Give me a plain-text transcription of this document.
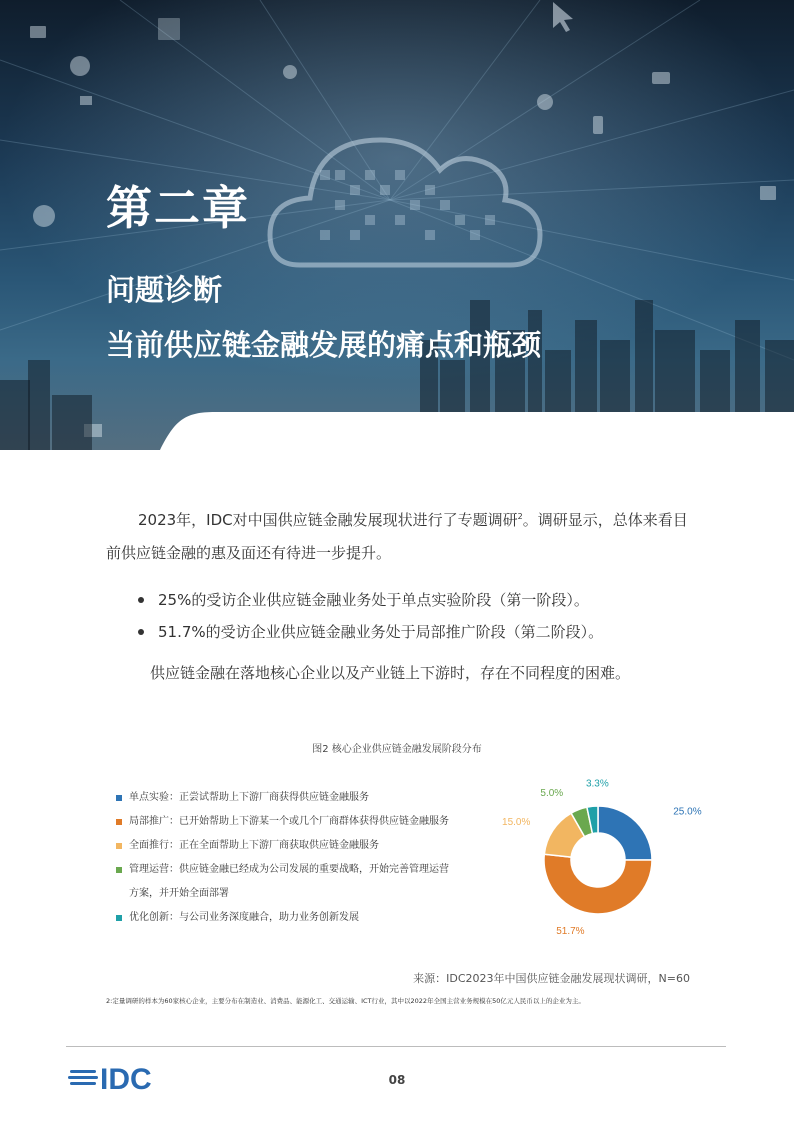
第二章
问题诊断
当前供应链金融发展的痛点和瓶颈
2023年，IDC对中国供应链金融发展现状进行了专题调研$^2$。调研显示，总体来看目前供应链金融的惠及面还有待进一步提升。
25%的受访企业供应链金融业务处于单点实验阶段（第一阶段）。
51.7%的受访企业供应链金融业务处于局部推广阶段（第二阶段）。
供应链金融在落地核心企业以及产业链上下游时，存在不同程度的困难。
图2 核心企业供应链金融发展阶段分布
单点实验：正尝试帮助上下游厂商获得供应链金融服务
局部推广：已开始帮助上下游某一个或几个厂商群体获得供应链金融服务
全面推行：正在全面帮助上下游厂商获取供应链金融服务
管理运营：供应链金融已经成为公司发展的重要战略，开始完善管理运营
方案，并开始全面部署
优化创新：与公司业务深度融合，助力业务创新发展
25.0%
51.7%
15.0%
5.0%
3.3%
来源：IDC2023年中国供应链金融发展现状调研，N=60
2:定量调研的样本为60家核心企业，主要分布在制造业、消费品、能源化工、交通运输、ICT行业，其中以2022年全国主营业务规模在50亿元人民币以上的企业为主。
IDC	08
